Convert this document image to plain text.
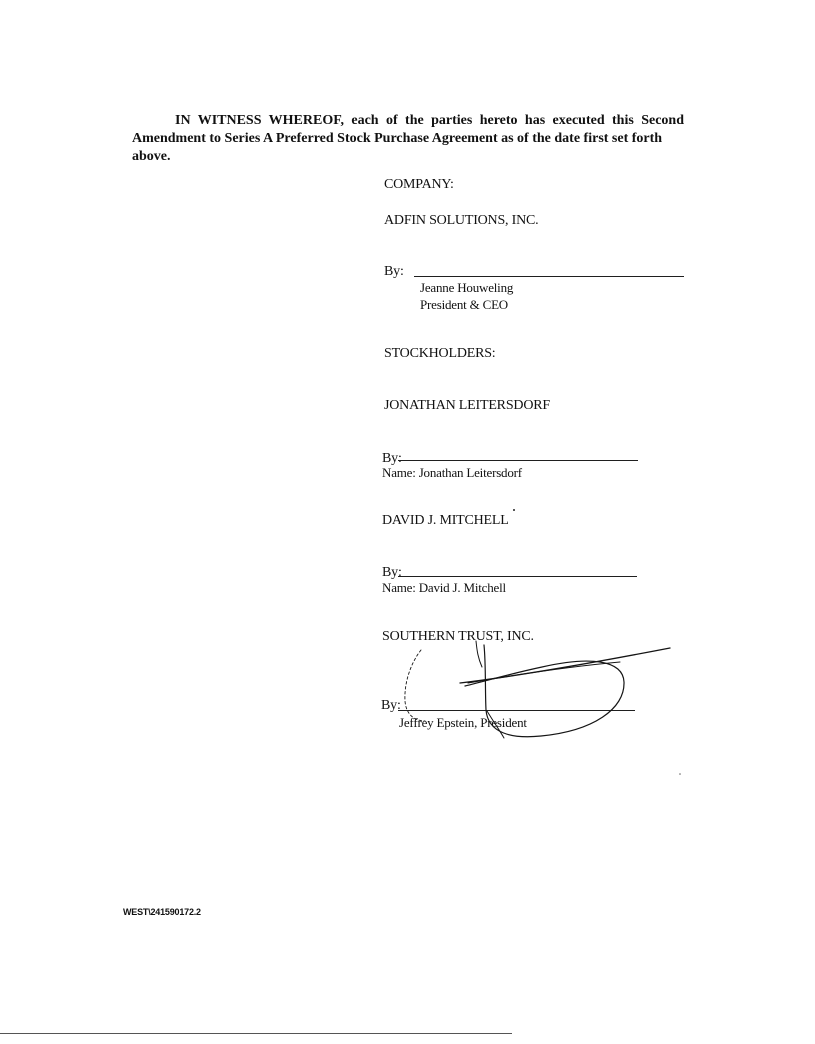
IN WITNESS WHEREOF, each of the parties hereto has executed this Second
Amendment to Series A Preferred Stock Purchase Agreement as of the date first set forth above.
COMPANY:
ADFIN SOLUTIONS, INC.
By:
Jeanne Houweling
President & CEO
STOCKHOLDERS:
JONATHAN LEITERSDORF
By:
Name: Jonathan Leitersdorf
DAVID J. MITCHELL
By:
Name: David J. Mitchell
SOUTHERN TRUST, INC.
By:
Jeffrey Epstein, President
WEST\241590172.2
